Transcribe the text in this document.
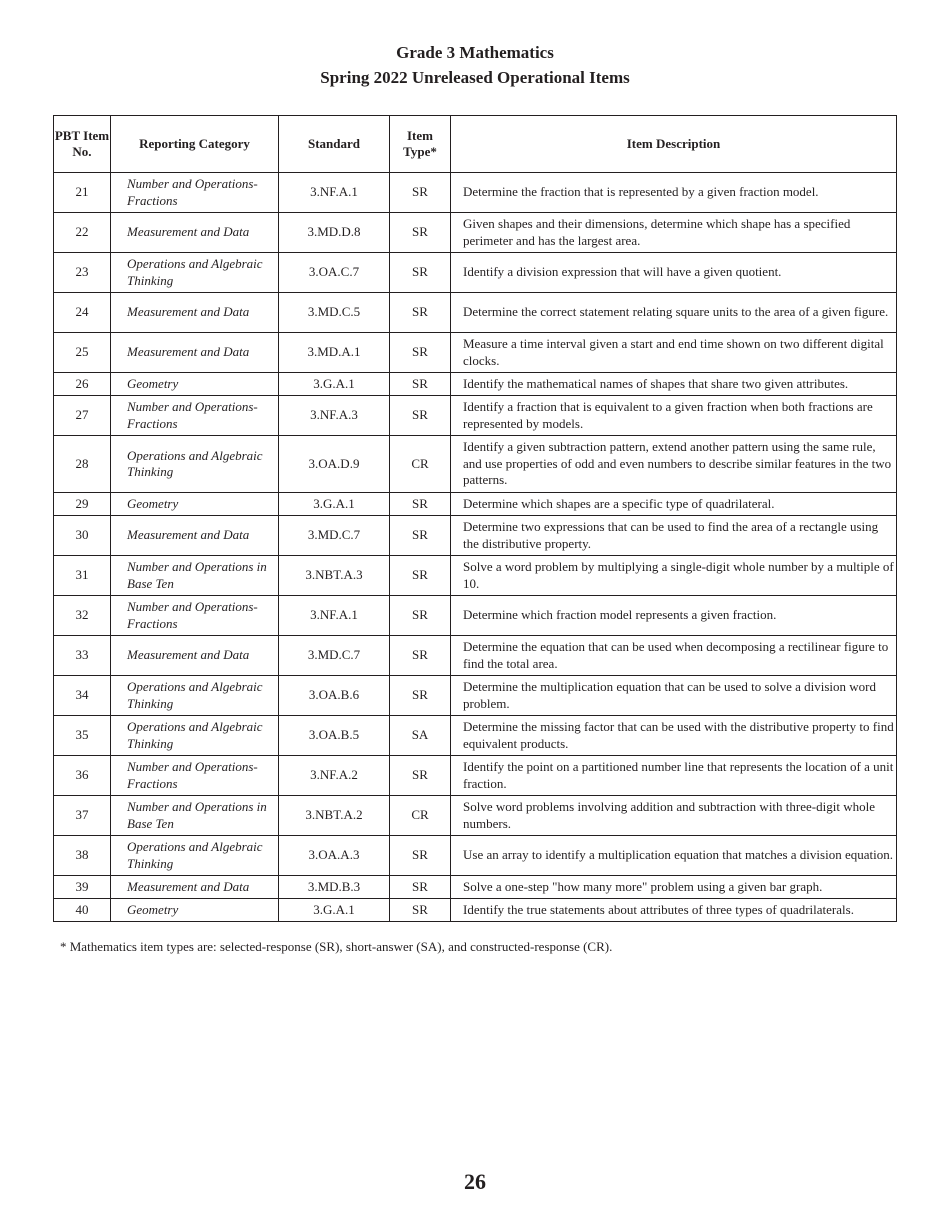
Grade 3 Mathematics
Spring 2022 Unreleased Operational Items
PBT Item No.	Reporting Category	Standard	Item Type*	Item Description
21	Number and Operations-Fractions	3.NF.A.1	SR	Determine the fraction that is represented by a given fraction model.
22	Measurement and Data	3.MD.D.8	SR	Given shapes and their dimensions, determine which shape has a specified perimeter and has the largest area.
23	Operations and Algebraic Thinking	3.OA.C.7	SR	Identify a division expression that will have a given quotient.
24	Measurement and Data	3.MD.C.5	SR	Determine the correct statement relating square units to the area of a given figure.
25	Measurement and Data	3.MD.A.1	SR	Measure a time interval given a start and end time shown on two different digital clocks.
26	Geometry	3.G.A.1	SR	Identify the mathematical names of shapes that share two given attributes.
27	Number and Operations-Fractions	3.NF.A.3	SR	Identify a fraction that is equivalent to a given fraction when both fractions are represented by models.
28	Operations and Algebraic Thinking	3.OA.D.9	CR	Identify a given subtraction pattern, extend another pattern using the same rule, and use properties of odd and even numbers to describe similar features in the two patterns.
29	Geometry	3.G.A.1	SR	Determine which shapes are a specific type of quadrilateral.
30	Measurement and Data	3.MD.C.7	SR	Determine two expressions that can be used to find the area of a rectangle using the distributive property.
31	Number and Operations in Base Ten	3.NBT.A.3	SR	Solve a word problem by multiplying a single-digit whole number by a multiple of 10.
32	Number and Operations-Fractions	3.NF.A.1	SR	Determine which fraction model represents a given fraction.
33	Measurement and Data	3.MD.C.7	SR	Determine the equation that can be used when decomposing a rectilinear figure to find the total area.
34	Operations and Algebraic Thinking	3.OA.B.6	SR	Determine the multiplication equation that can be used to solve a division word problem.
35	Operations and Algebraic Thinking	3.OA.B.5	SA	Determine the missing factor that can be used with the distributive property to find equivalent products.
36	Number and Operations-Fractions	3.NF.A.2	SR	Identify the point on a partitioned number line that represents the location of a unit fraction.
37	Number and Operations in Base Ten	3.NBT.A.2	CR	Solve word problems involving addition and subtraction with three-digit whole numbers.
38	Operations and Algebraic Thinking	3.OA.A.3	SR	Use an array to identify a multiplication equation that matches a division equation.
39	Measurement and Data	3.MD.B.3	SR	Solve a one-step "how many more" problem using a given bar graph.
40	Geometry	3.G.A.1	SR	Identify the true statements about attributes of three types of quadrilaterals.
* Mathematics item types are: selected-response (SR), short-answer (SA), and constructed-response (CR).
26
